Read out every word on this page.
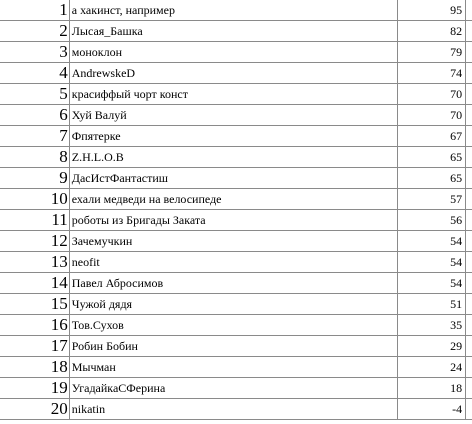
1	а хакинст, например	95	
2	Лысая_Башка	82	
3	моноклон	79	
4	AndrewskeD	74	
5	красиффый чорт конст	70	
6	Хуй Валуй	70	
7	Фпятерке	67	
8	Z.H.L.O.B	65	
9	ДасИстФантастиш	65	
10	ехали медведи на велосипеде	57	
11	роботы из Бригады Заката	56	
12	Зачемучкин	54	
13	neofit	54	
14	Павел Абросимов	54	
15	Чужой дядя	51	
16	Тов.Сухов	35	
17	Робин Бобин	29	
18	Мычман	24	
19	УгадайкаСФерина	18	
20	nikatin	-4	
